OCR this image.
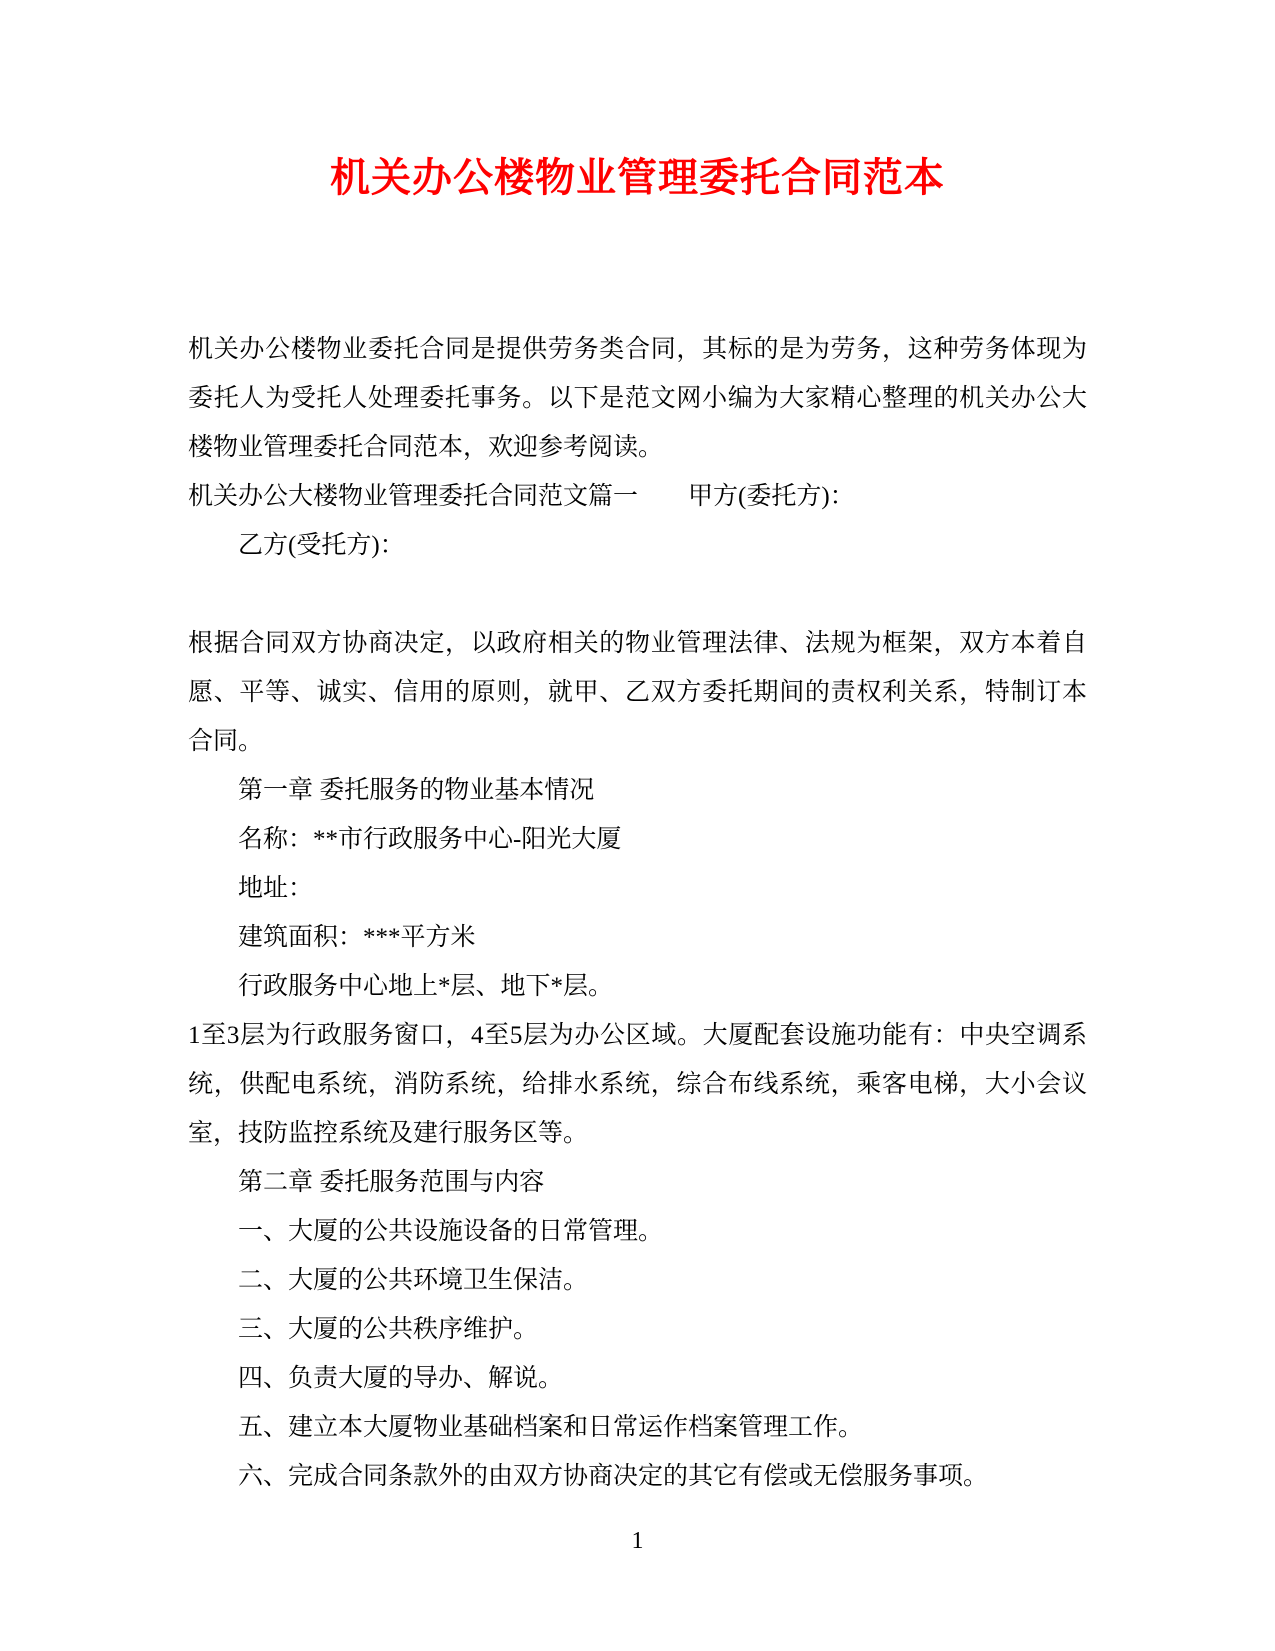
机关办公楼物业管理委托合同范本

机关办公楼物业委托合同是提供劳务类合同，其标的是为劳务，这种劳务体现为委托人为受托人处理委托事务。以下是范文网小编为大家精心整理的机关办公大楼物业管理委托合同范本，欢迎参考阅读。

机关办公大楼物业管理委托合同范文篇一　　甲方(委托方)：

乙方(受托方)：

根据合同双方协商决定，以政府相关的物业管理法律、法规为框架，双方本着自愿、平等、诚实、信用的原则，就甲、乙双方委托期间的责权利关系，特制订本合同。

第一章 委托服务的物业基本情况

名称：**市行政服务中心-阳光大厦

地址：

建筑面积：***平方米

行政服务中心地上*层、地下*层。

1至3层为行政服务窗口，4至5层为办公区域。大厦配套设施功能有：中央空调系统，供配电系统，消防系统，给排水系统，综合布线系统，乘客电梯，大小会议室，技防监控系统及建行服务区等。

第二章 委托服务范围与内容

一、大厦的公共设施设备的日常管理。

二、大厦的公共环境卫生保洁。

三、大厦的公共秩序维护。

四、负责大厦的导办、解说。

五、建立本大厦物业基础档案和日常运作档案管理工作。

六、完成合同条款外的由双方协商决定的其它有偿或无偿服务事项。

1
